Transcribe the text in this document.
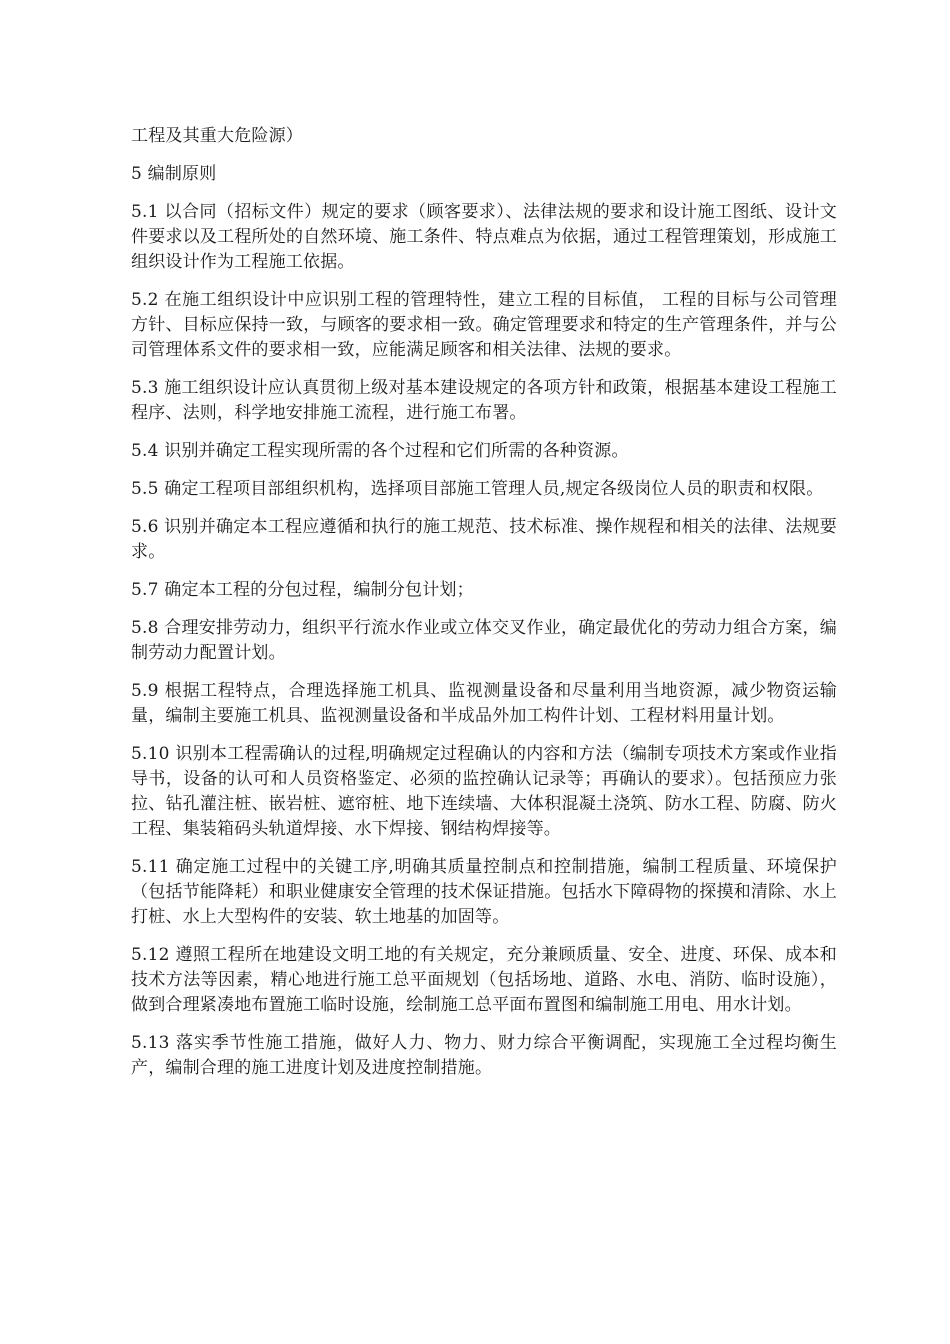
工程及其重大危险源）

5 编制原则

5.1 以合同（招标文件）规定的要求（顾客要求）、法律法规的要求和设计施工图纸、设计文件要求以及工程所处的自然环境、施工条件、特点难点为依据，通过工程管理策划，形成施工组织设计作为工程施工依据。

5.2 在施工组织设计中应识别工程的管理特性，建立工程的目标值， 工程的目标与公司管理方针、目标应保持一致，与顾客的要求相一致。确定管理要求和特定的生产管理条件，并与公司管理体系文件的要求相一致，应能满足顾客和相关法律、法规的要求。

5.3 施工组织设计应认真贯彻上级对基本建设规定的各项方针和政策，根据基本建设工程施工程序、法则，科学地安排施工流程，进行施工布署。

5.4 识别并确定工程实现所需的各个过程和它们所需的各种资源。

5.5 确定工程项目部组织机构，选择项目部施工管理人员,规定各级岗位人员的职责和权限。

5.6 识别并确定本工程应遵循和执行的施工规范、技术标准、操作规程和相关的法律、法规要求。

5.7 确定本工程的分包过程，编制分包计划；

5.8 合理安排劳动力，组织平行流水作业或立体交叉作业，确定最优化的劳动力组合方案，编制劳动力配置计划。

5.9 根据工程特点，合理选择施工机具、监视测量设备和尽量利用当地资源，减少物资运输量，编制主要施工机具、监视测量设备和半成品外加工构件计划、工程材料用量计划。

5.10 识别本工程需确认的过程,明确规定过程确认的内容和方法（编制专项技术方案或作业指导书，设备的认可和人员资格鉴定、必须的监控确认记录等；再确认的要求）。包括预应力张拉、钻孔灌注桩、嵌岩桩、遮帘桩、地下连续墙、大体积混凝土浇筑、防水工程、防腐、防火工程、集装箱码头轨道焊接、水下焊接、钢结构焊接等。

5.11 确定施工过程中的关键工序,明确其质量控制点和控制措施，编制工程质量、环境保护（包括节能降耗）和职业健康安全管理的技术保证措施。包括水下障碍物的探摸和清除、水上打桩、水上大型构件的安装、软土地基的加固等。

5.12 遵照工程所在地建设文明工地的有关规定，充分兼顾质量、安全、进度、环保、成本和技术方法等因素，精心地进行施工总平面规划（包括场地、道路、水电、消防、临时设施），做到合理紧凑地布置施工临时设施，绘制施工总平面布置图和编制施工用电、用水计划。

5.13 落实季节性施工措施，做好人力、物力、财力综合平衡调配，实现施工全过程均衡生产，编制合理的施工进度计划及进度控制措施。
